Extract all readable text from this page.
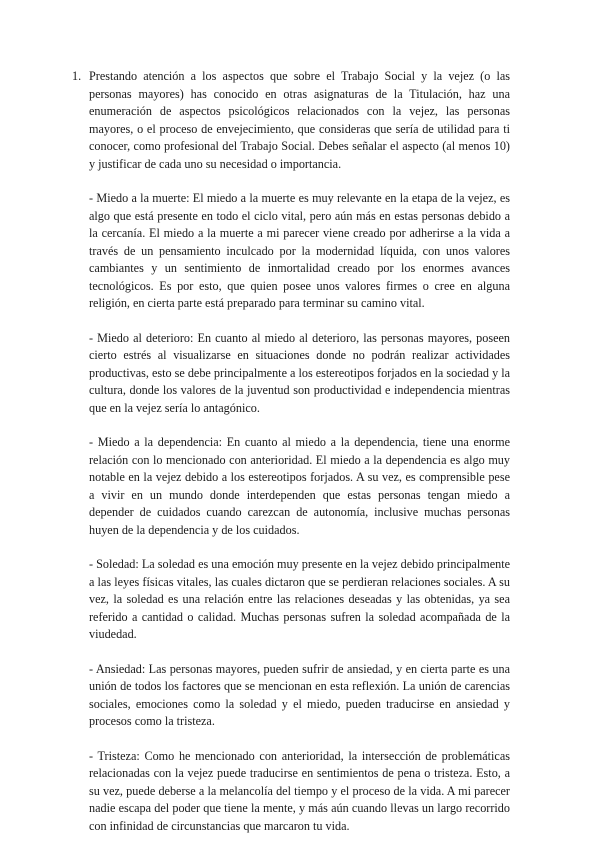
1. Prestando atención a los aspectos que sobre el Trabajo Social y la vejez (o las personas mayores) has conocido en otras asignaturas de la Titulación, haz una enumeración de aspectos psicológicos relacionados con la vejez, las personas mayores, o el proceso de envejecimiento, que consideras que sería de utilidad para ti conocer, como profesional del Trabajo Social. Debes señalar el aspecto (al menos 10) y justificar de cada uno su necesidad o importancia.

- Miedo a la muerte: El miedo a la muerte es muy relevante en la etapa de la vejez, es algo que está presente en todo el ciclo vital, pero aún más en estas personas debido a la cercanía. El miedo a la muerte a mi parecer viene creado por adherirse a la vida a través de un pensamiento inculcado por la modernidad líquida, con unos valores cambiantes y un sentimiento de inmortalidad creado por los enormes avances tecnológicos. Es por esto, que quien posee unos valores firmes o cree en alguna religión, en cierta parte está preparado para terminar su camino vital.

- Miedo al deterioro: En cuanto al miedo al deterioro, las personas mayores, poseen cierto estrés al visualizarse en situaciones donde no podrán realizar actividades productivas, esto se debe principalmente a los estereotipos forjados en la sociedad y la cultura, donde los valores de la juventud son productividad e independencia mientras que en la vejez sería lo antagónico.

- Miedo a la dependencia: En cuanto al miedo a la dependencia, tiene una enorme relación con lo mencionado con anterioridad. El miedo a la dependencia es algo muy notable en la vejez debido a los estereotipos forjados. A su vez, es comprensible pese a vivir en un mundo donde interdependen que estas personas tengan miedo a depender de cuidados cuando carezcan de autonomía, inclusive muchas personas huyen de la dependencia y de los cuidados.

- Soledad: La soledad es una emoción muy presente en la vejez debido principalmente a las leyes físicas vitales, las cuales dictaron que se perdieran relaciones sociales. A su vez, la soledad es una relación entre las relaciones deseadas y las obtenidas, ya sea referido a cantidad o calidad. Muchas personas sufren la soledad acompañada de la viudedad.

- Ansiedad: Las personas mayores, pueden sufrir de ansiedad, y en cierta parte es una unión de todos los factores que se mencionan en esta reflexión. La unión de carencias sociales, emociones como la soledad y el miedo, pueden traducirse en ansiedad y procesos como la tristeza.

- Tristeza: Como he mencionado con anterioridad, la intersección de problemáticas relacionadas con la vejez puede traducirse en sentimientos de pena o tristeza. Esto, a su vez, puede deberse a la melancolía del tiempo y el proceso de la vida. A mi parecer nadie escapa del poder que tiene la mente, y más aún cuando llevas un largo recorrido con infinidad de circunstancias que marcaron tu vida.
